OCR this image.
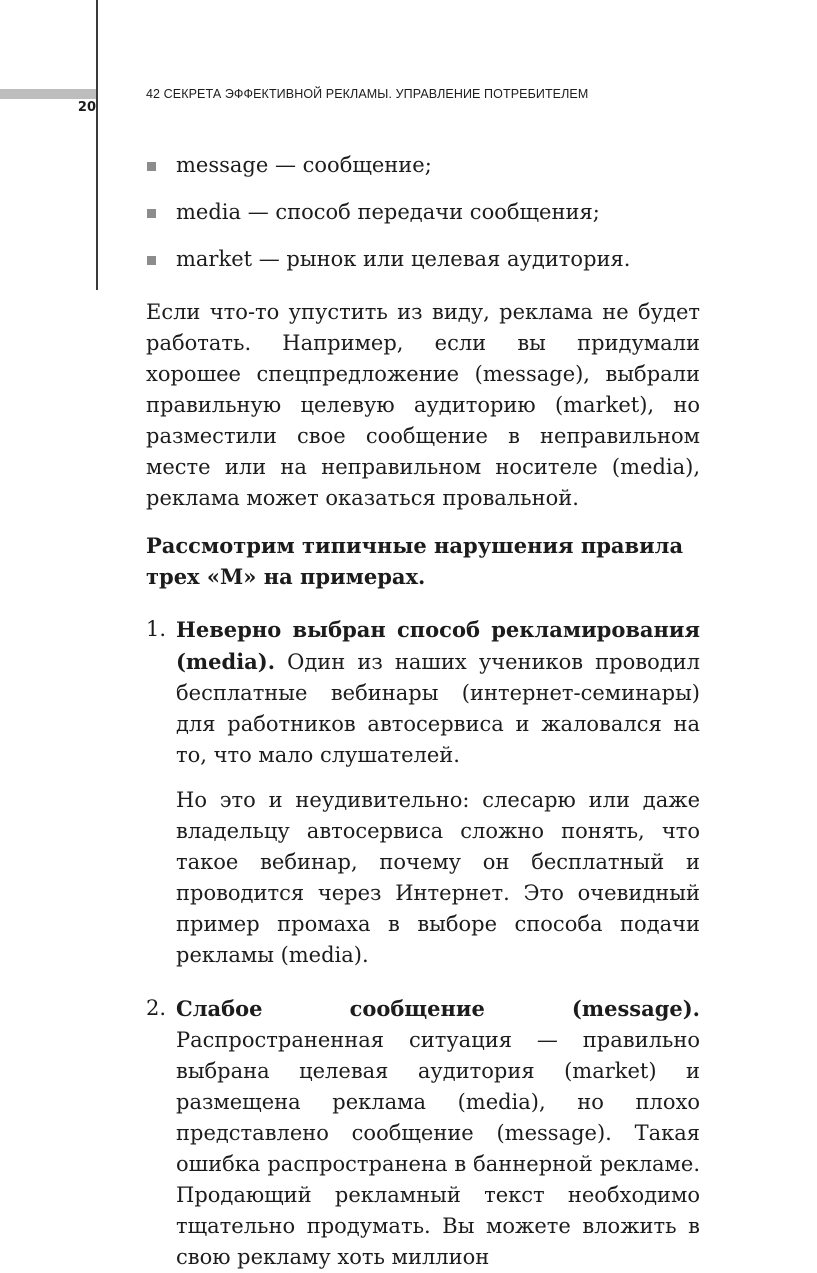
20
42 СЕКРЕТА ЭФФЕКТИВНОЙ РЕКЛАМЫ. УПРАВЛЕНИЕ ПОТРЕБИТЕЛЕМ
message — сообщение;
media — способ передачи сообщения;
market — рынок или целевая аудитория.

Если что-то упустить из виду, реклама не будет работать. Например, если вы придумали хорошее спецпредложение (message), выбрали правильную целевую аудиторию (market), но разместили свое сообщение в неправильном месте или на неправильном носителе (media), реклама может оказаться провальной.

Рассмотрим типичные нарушения правила трех «М» на примерах.

1. Неверно выбран способ рекламирования (media). Один из наших учеников проводил бесплатные вебинары (интернет-семинары) для работников автосервиса и жаловался на то, что мало слушателей.

Но это и неудивительно: слесарю или даже владельцу автосервиса сложно понять, что такое вебинар, почему он бесплатный и проводится через Интернет. Это очевидный пример промаха в выборе способа подачи рекламы (media).

2. Слабое сообщение (message). Распространенная ситуация — правильно выбрана целевая аудитория (market) и размещена реклама (media), но плохо представлено сообщение (message). Такая ошибка распространена в баннерной рекламе. Продающий рекламный текст необходимо тщательно продумать. Вы можете вложить в свою рекламу хоть миллион
